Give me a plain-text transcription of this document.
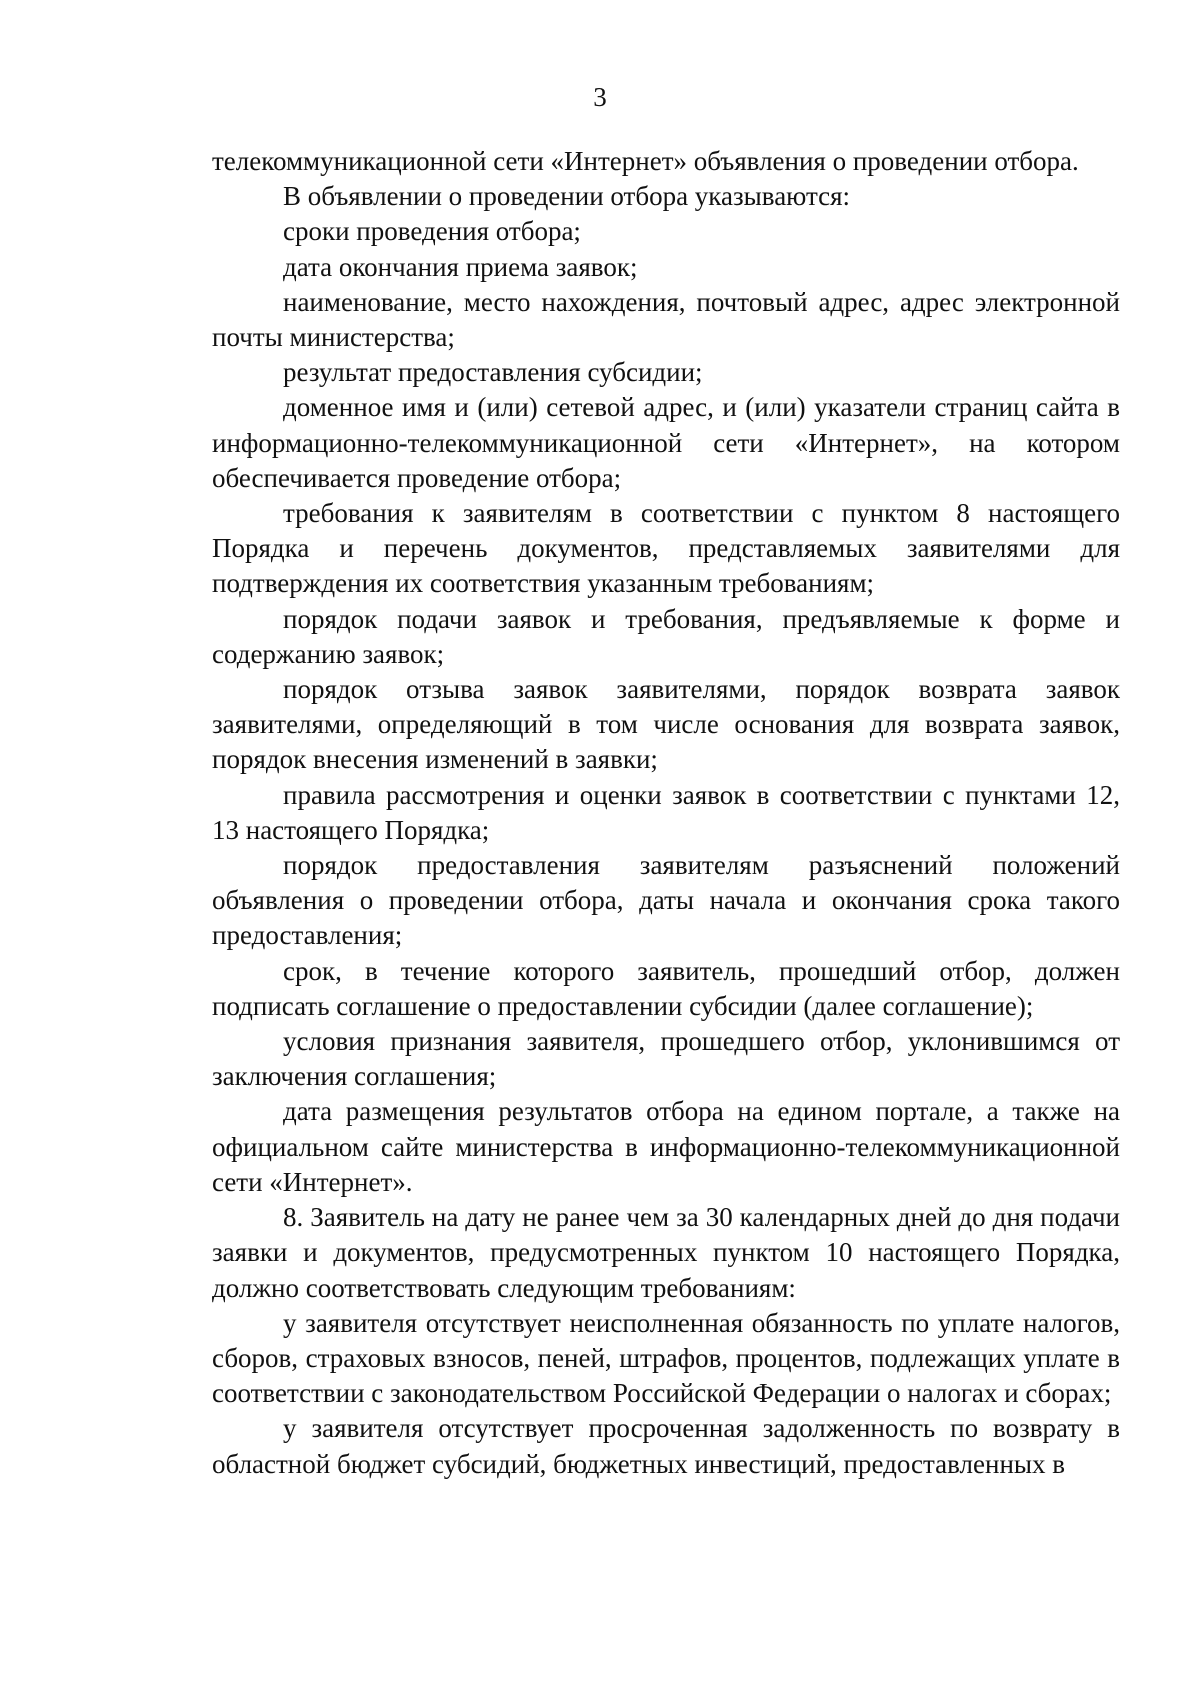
3

телекоммуникационной сети «Интернет» объявления о проведении отбора.

В объявлении о проведении отбора указываются:

сроки проведения отбора;

дата окончания приема заявок;

наименование, место нахождения, почтовый адрес, адрес электронной почты министерства;

результат предоставления субсидии;

доменное имя и (или) сетевой адрес, и (или) указатели страниц сайта в информационно-телекоммуникационной сети «Интернет», на котором обеспечивается проведение отбора;

требования к заявителям в соответствии с пунктом 8 настоящего Порядка и перечень документов, представляемых заявителями для подтверждения их соответствия указанным требованиям;

порядок подачи заявок и требования, предъявляемые к форме и содержанию заявок;

порядок отзыва заявок заявителями, порядок возврата заявок заявителями, определяющий в том числе основания для возврата заявок, порядок внесения изменений в заявки;

правила рассмотрения и оценки заявок в соответствии с пунктами 12, 13 настоящего Порядка;

порядок предоставления заявителям разъяснений положений объявления о проведении отбора, даты начала и окончания срока такого предоставления;

срок, в течение которого заявитель, прошедший отбор, должен подписать соглашение о предоставлении субсидии (далее соглашение);

условия признания заявителя, прошедшего отбор, уклонившимся от заключения соглашения;

дата размещения результатов отбора на едином портале, а также на официальном сайте министерства в информационно-телекоммуникационной сети «Интернет».

8. Заявитель на дату не ранее чем за 30 календарных дней до дня подачи заявки и документов, предусмотренных пунктом 10 настоящего Порядка, должно соответствовать следующим требованиям:

у заявителя отсутствует неисполненная обязанность по уплате налогов, сборов, страховых взносов, пеней, штрафов, процентов, подлежащих уплате в соответствии с законодательством Российской Федерации о налогах и сборах;

у заявителя отсутствует просроченная задолженность по возврату в областной бюджет субсидий, бюджетных инвестиций, предоставленных в
